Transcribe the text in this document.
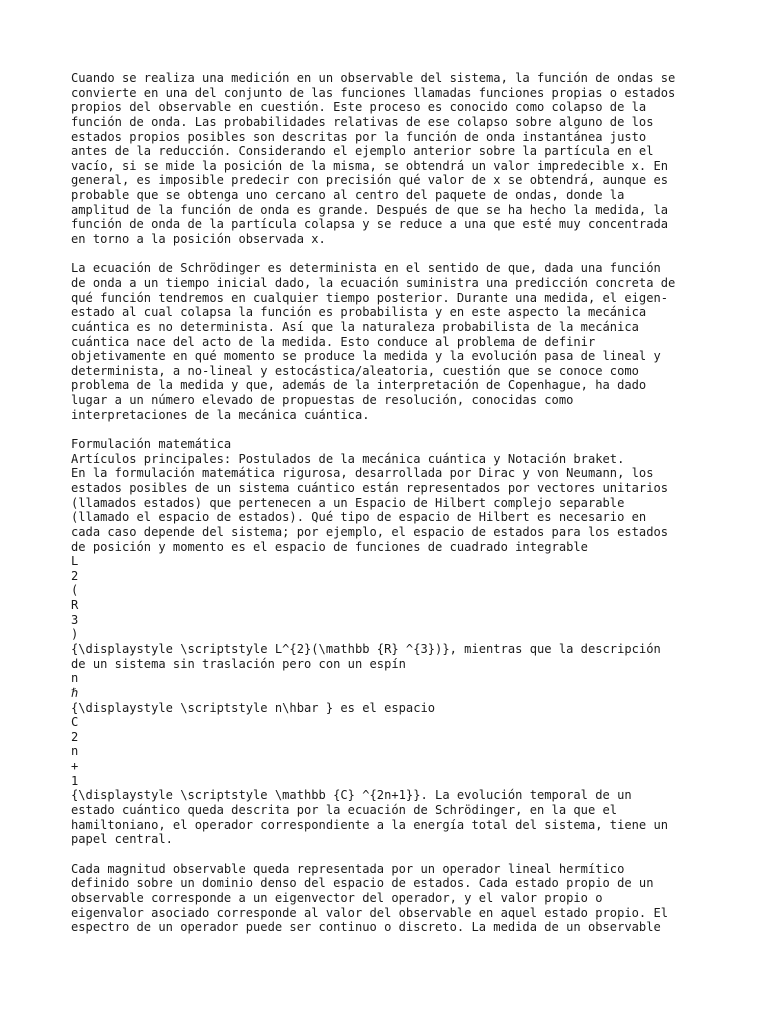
Cuando se realiza una medición en un observable del sistema, la función de ondas se
convierte en una del conjunto de las funciones llamadas funciones propias o estados
propios del observable en cuestión. Este proceso es conocido como colapso de la
función de onda. Las probabilidades relativas de ese colapso sobre alguno de los
estados propios posibles son descritas por la función de onda instantánea justo
antes de la reducción. Considerando el ejemplo anterior sobre la partícula en el
vacío, si se mide la posición de la misma, se obtendrá un valor impredecible x. En
general, es imposible predecir con precisión qué valor de x se obtendrá, aunque es
probable que se obtenga uno cercano al centro del paquete de ondas, donde la
amplitud de la función de onda es grande. Después de que se ha hecho la medida, la
función de onda de la partícula colapsa y se reduce a una que esté muy concentrada
en torno a la posición observada x.
La ecuación de Schrödinger es determinista en el sentido de que, dada una función
de onda a un tiempo inicial dado, la ecuación suministra una predicción concreta de
qué función tendremos en cualquier tiempo posterior. Durante una medida, el eigen-
estado al cual colapsa la función es probabilista y en este aspecto la mecánica
cuántica es no determinista. Así que la naturaleza probabilista de la mecánica
cuántica nace del acto de la medida. Esto conduce al problema de definir
objetivamente en qué momento se produce la medida y la evolución pasa de lineal y
determinista, a no-lineal y estocástica/aleatoria, cuestión que se conoce como
problema de la medida y que, además de la interpretación de Copenhague, ha dado
lugar a un número elevado de propuestas de resolución, conocidas como
interpretaciones de la mecánica cuántica.
Formulación matemática
Artículos principales: Postulados de la mecánica cuántica y Notación braket.
En la formulación matemática rigurosa, desarrollada por Dirac y von Neumann, los
estados posibles de un sistema cuántico están representados por vectores unitarios
(llamados estados) que pertenecen a un Espacio de Hilbert complejo separable
(llamado el espacio de estados). Qué tipo de espacio de Hilbert es necesario en
cada caso depende del sistema; por ejemplo, el espacio de estados para los estados
de posición y momento es el espacio de funciones de cuadrado integrable
L
2
(
R
3
)
{\displaystyle \scriptstyle L^{2}(\mathbb {R} ^{3})}, mientras que la descripción
de un sistema sin traslación pero con un espín
n
ℏ
{\displaystyle \scriptstyle n\hbar } es el espacio
C
2
n
+
1
{\displaystyle \scriptstyle \mathbb {C} ^{2n+1}}. La evolución temporal de un
estado cuántico queda descrita por la ecuación de Schrödinger, en la que el
hamiltoniano, el operador correspondiente a la energía total del sistema, tiene un
papel central.
Cada magnitud observable queda representada por un operador lineal hermítico
definido sobre un dominio denso del espacio de estados. Cada estado propio de un
observable corresponde a un eigenvector del operador, y el valor propio o
eigenvalor asociado corresponde al valor del observable en aquel estado propio. El
espectro de un operador puede ser continuo o discreto. La medida de un observable
